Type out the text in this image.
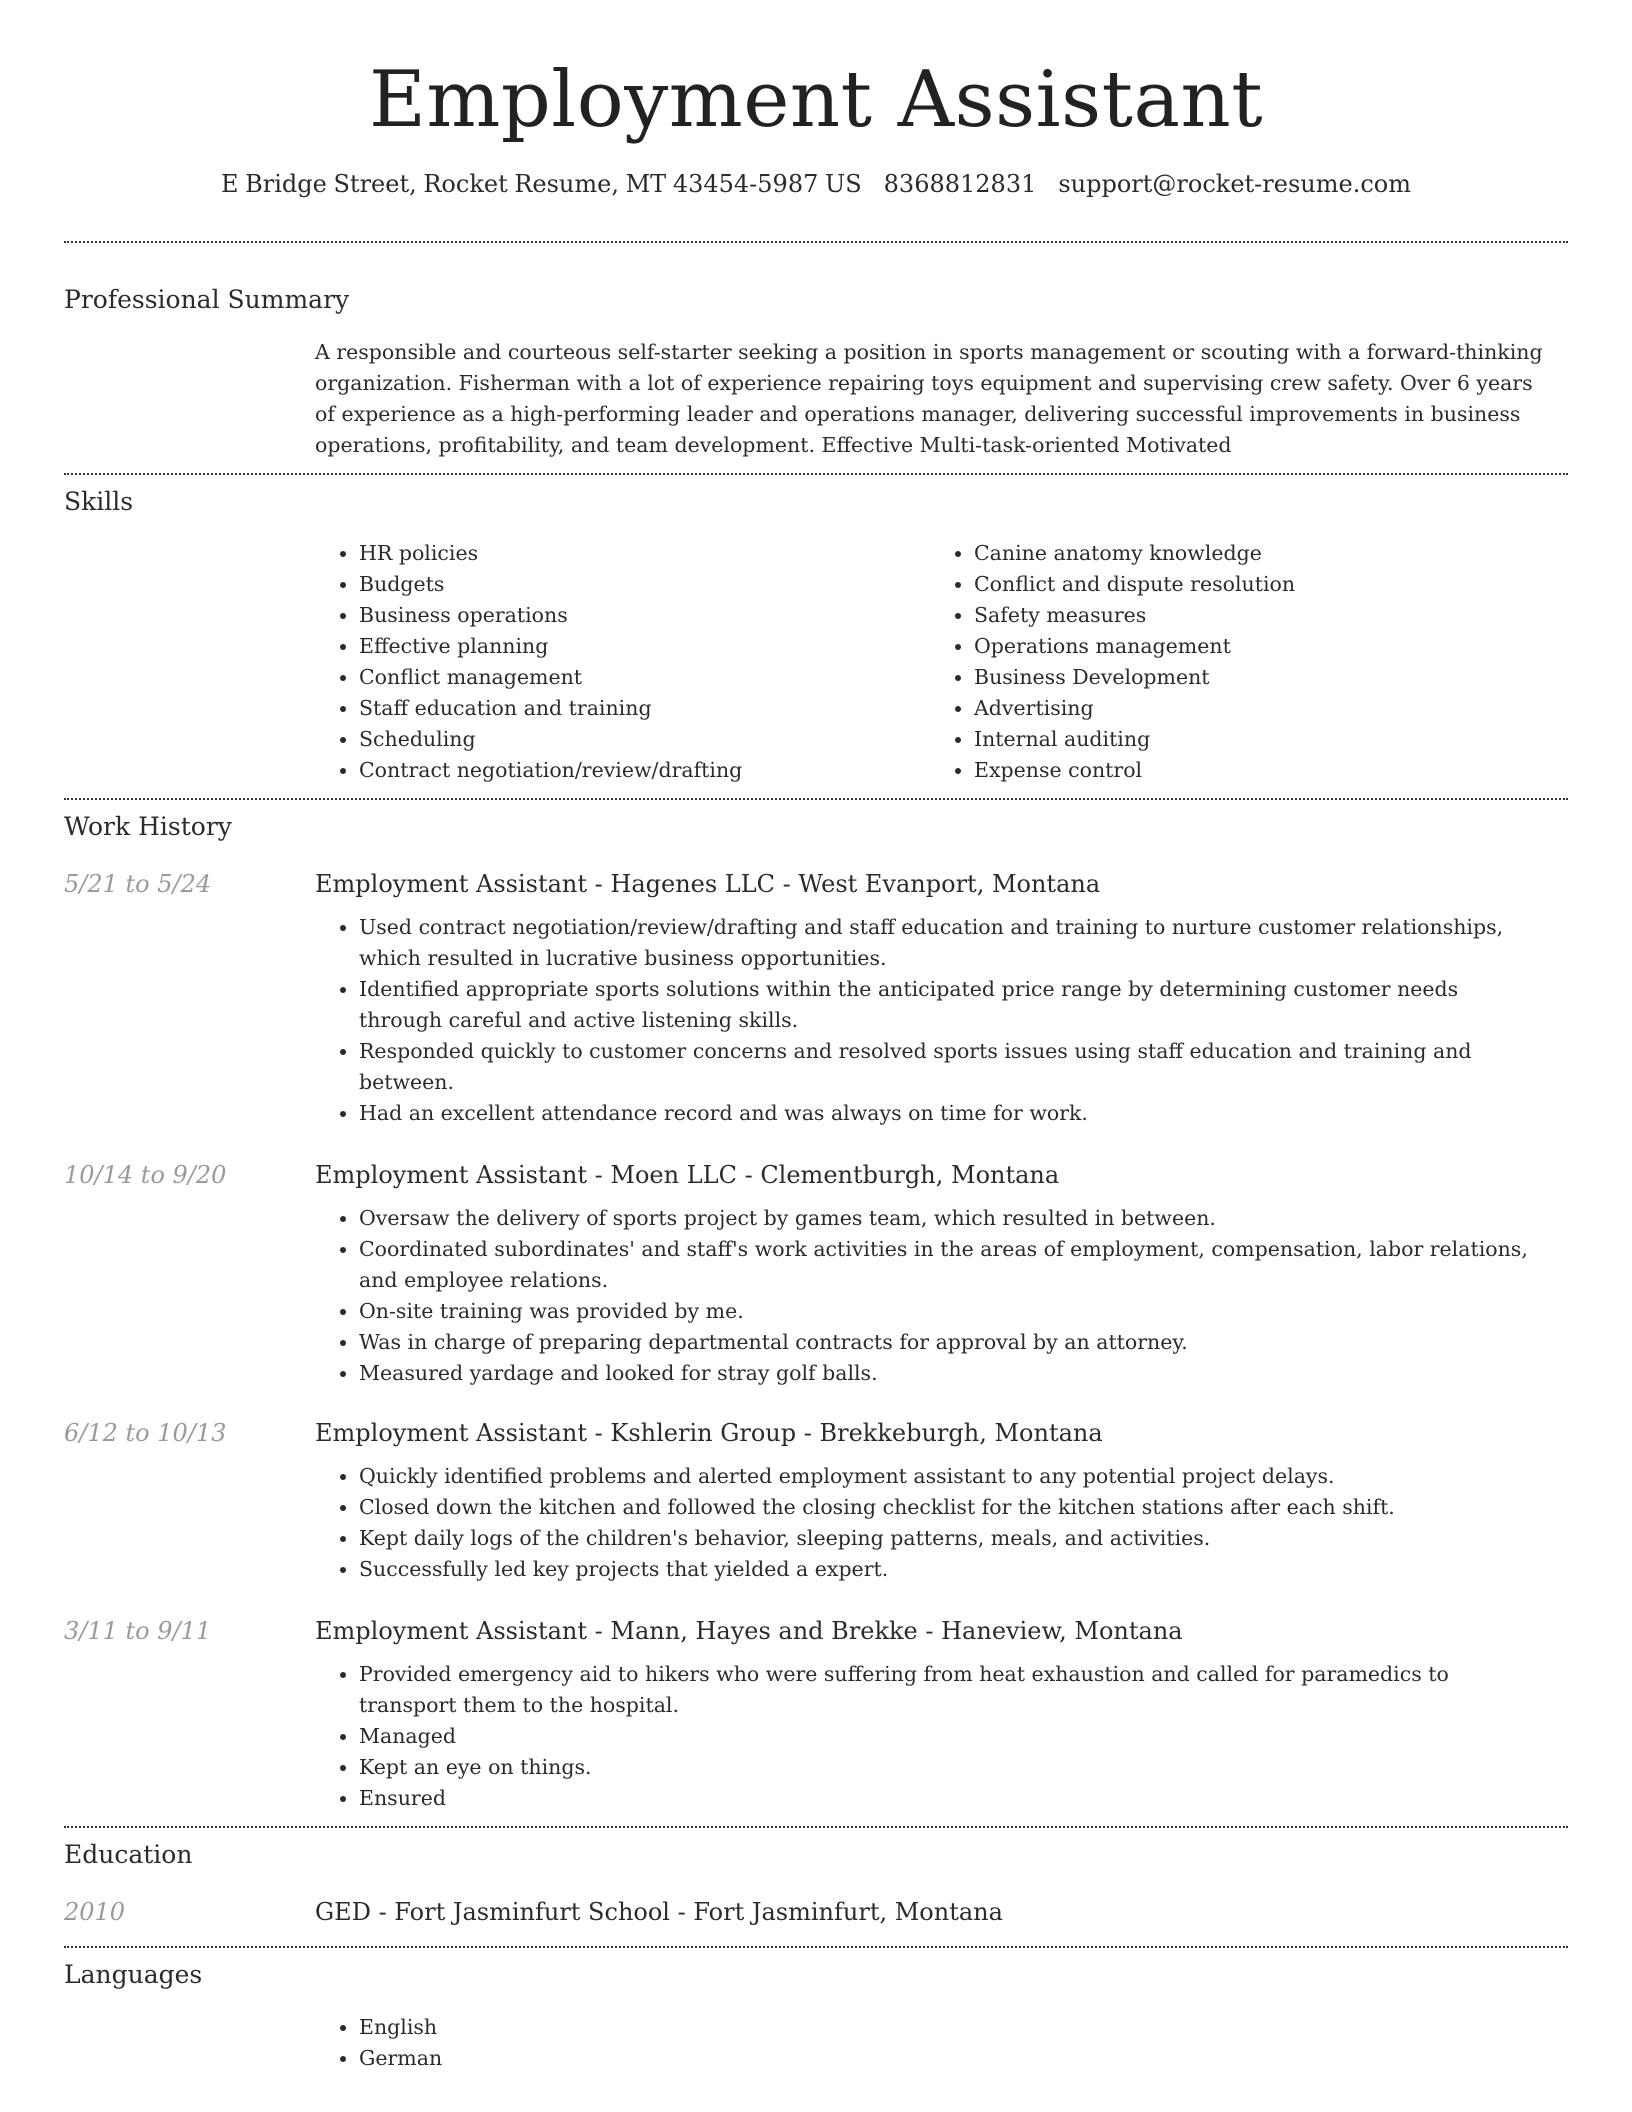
Employment Assistant
E Bridge Street, Rocket Resume, MT 43454-5987 US 8368812831 support@rocket-resume.com
Professional Summary
A responsible and courteous self-starter seeking a position in sports management or scouting with a forward-thinking organization. Fisherman with a lot of experience repairing toys equipment and supervising crew safety. Over 6 years of experience as a high-performing leader and operations manager, delivering successful improvements in business operations, profitability, and team development. Effective Multi-task-oriented Motivated
Skills
• HR policies
• Budgets
• Business operations
• Effective planning
• Conflict management
• Staff education and training
• Scheduling
• Contract negotiation/review/drafting
• Canine anatomy knowledge
• Conflict and dispute resolution
• Safety measures
• Operations management
• Business Development
• Advertising
• Internal auditing
• Expense control
Work History
5/21 to 5/24	Employment Assistant - Hagenes LLC - West Evanport, Montana
• Used contract negotiation/review/drafting and staff education and training to nurture customer relationships, which resulted in lucrative business opportunities.
• Identified appropriate sports solutions within the anticipated price range by determining customer needs through careful and active listening skills.
• Responded quickly to customer concerns and resolved sports issues using staff education and training and between.
• Had an excellent attendance record and was always on time for work.
10/14 to 9/20	Employment Assistant - Moen LLC - Clementburgh, Montana
• Oversaw the delivery of sports project by games team, which resulted in between.
• Coordinated subordinates' and staff's work activities in the areas of employment, compensation, labor relations, and employee relations.
• On-site training was provided by me.
• Was in charge of preparing departmental contracts for approval by an attorney.
• Measured yardage and looked for stray golf balls.
6/12 to 10/13	Employment Assistant - Kshlerin Group - Brekkeburgh, Montana
• Quickly identified problems and alerted employment assistant to any potential project delays.
• Closed down the kitchen and followed the closing checklist for the kitchen stations after each shift.
• Kept daily logs of the children's behavior, sleeping patterns, meals, and activities.
• Successfully led key projects that yielded a expert.
3/11 to 9/11	Employment Assistant - Mann, Hayes and Brekke - Haneview, Montana
• Provided emergency aid to hikers who were suffering from heat exhaustion and called for paramedics to transport them to the hospital.
• Managed
• Kept an eye on things.
• Ensured
Education
2010	GED - Fort Jasminfurt School - Fort Jasminfurt, Montana
Languages
• English
• German
